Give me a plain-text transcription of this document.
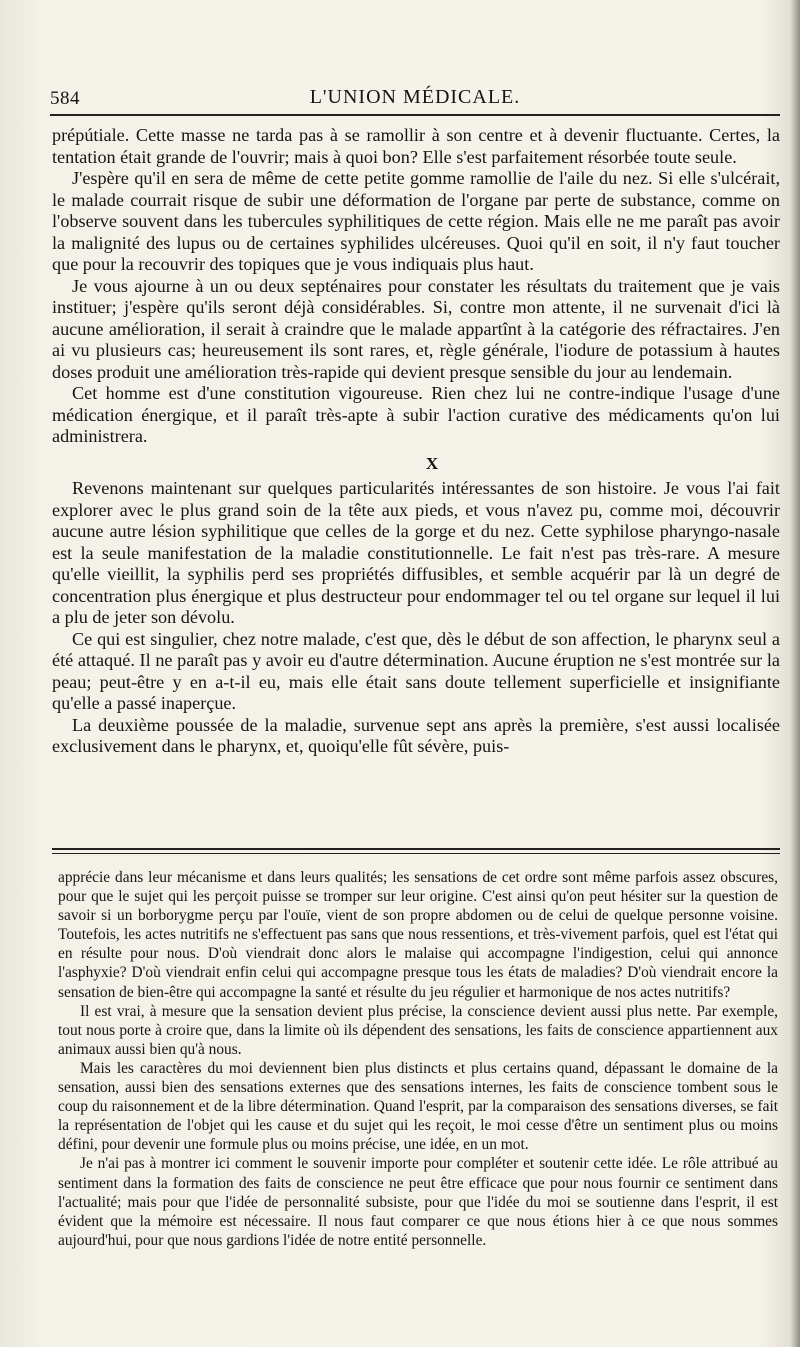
584	L'UNION MÉDICALE.

prépútiale. Cette masse ne tarda pas à se ramollir à son centre et à devenir fluctuante. Certes, la tentation était grande de l'ouvrir; mais à quoi bon? Elle s'est parfaitement résorbée toute seule.

J'espère qu'il en sera de même de cette petite gomme ramollie de l'aile du nez. Si elle s'ulcérait, le malade courrait risque de subir une déformation de l'organe par perte de substance, comme on l'observe souvent dans les tubercules syphilitiques de cette région. Mais elle ne me paraît pas avoir la malignité des lupus ou de certaines syphilides ulcéreuses. Quoi qu'il en soit, il n'y faut toucher que pour la recouvrir des topiques que je vous indiquais plus haut.

Je vous ajourne à un ou deux septénaires pour constater les résultats du traitement que je vais instituer; j'espère qu'ils seront déjà considérables. Si, contre mon attente, il ne survenait d'ici là aucune amélioration, il serait à craindre que le malade appartînt à la catégorie des réfractaires. J'en ai vu plusieurs cas; heureusement ils sont rares, et, règle générale, l'iodure de potassium à hautes doses produit une amélioration très-rapide qui devient presque sensible du jour au lendemain.

Cet homme est d'une constitution vigoureuse. Rien chez lui ne contre-indique l'usage d'une médication énergique, et il paraît très-apte à subir l'action curative des médicaments qu'on lui administrera.

X

Revenons maintenant sur quelques particularités intéressantes de son histoire. Je vous l'ai fait explorer avec le plus grand soin de la tête aux pieds, et vous n'avez pu, comme moi, découvrir aucune autre lésion syphilitique que celles de la gorge et du nez. Cette syphilose pharyngo-nasale est la seule manifestation de la maladie constitutionnelle. Le fait n'est pas très-rare. A mesure qu'elle vieillit, la syphilis perd ses propriétés diffusibles, et semble acquérir par là un degré de concentration plus énergique et plus destructeur pour endommager tel ou tel organe sur lequel il lui a plu de jeter son dévolu.

Ce qui est singulier, chez notre malade, c'est que, dès le début de son affection, le pharynx seul a été attaqué. Il ne paraît pas y avoir eu d'autre détermination. Aucune éruption ne s'est montrée sur la peau; peut-être y en a-t-il eu, mais elle était sans doute tellement superficielle et insignifiante qu'elle a passé inaperçue.

La deuxième poussée de la maladie, survenue sept ans après la première, s'est aussi localisée exclusivement dans le pharynx, et, quoiqu'elle fût sévère, puis-

apprécie dans leur mécanisme et dans leurs qualités; les sensations de cet ordre sont même parfois assez obscures, pour que le sujet qui les perçoit puisse se tromper sur leur origine. C'est ainsi qu'on peut hésiter sur la question de savoir si un borborygme perçu par l'ouïe, vient de son propre abdomen ou de celui de quelque personne voisine. Toutefois, les actes nutritifs ne s'effectuent pas sans que nous ressentions, et très-vivement parfois, quel est l'état qui en résulte pour nous. D'où viendrait donc alors le malaise qui accompagne l'indigestion, celui qui annonce l'asphyxie? D'où viendrait enfin celui qui accompagne presque tous les états de maladies? D'où viendrait encore la sensation de bien-être qui accompagne la santé et résulte du jeu régulier et harmonique de nos actes nutritifs?

Il est vrai, à mesure que la sensation devient plus précise, la conscience devient aussi plus nette. Par exemple, tout nous porte à croire que, dans la limite où ils dépendent des sensations, les faits de conscience appartiennent aux animaux aussi bien qu'à nous.

Mais les caractères du moi deviennent bien plus distincts et plus certains quand, dépassant le domaine de la sensation, aussi bien des sensations externes que des sensations internes, les faits de conscience tombent sous le coup du raisonnement et de la libre détermination. Quand l'esprit, par la comparaison des sensations diverses, se fait la représentation de l'objet qui les cause et du sujet qui les reçoit, le moi cesse d'être un sentiment plus ou moins défini, pour devenir une formule plus ou moins précise, une idée, en un mot.

Je n'ai pas à montrer ici comment le souvenir importe pour compléter et soutenir cette idée. Le rôle attribué au sentiment dans la formation des faits de conscience ne peut être efficace que pour nous fournir ce sentiment dans l'actualité; mais pour que l'idée de personnalité subsiste, pour que l'idée du moi se soutienne dans l'esprit, il est évident que la mémoire est nécessaire. Il nous faut comparer ce que nous étions hier à ce que nous sommes aujourd'hui, pour que nous gardions l'idée de notre entité personnelle.
